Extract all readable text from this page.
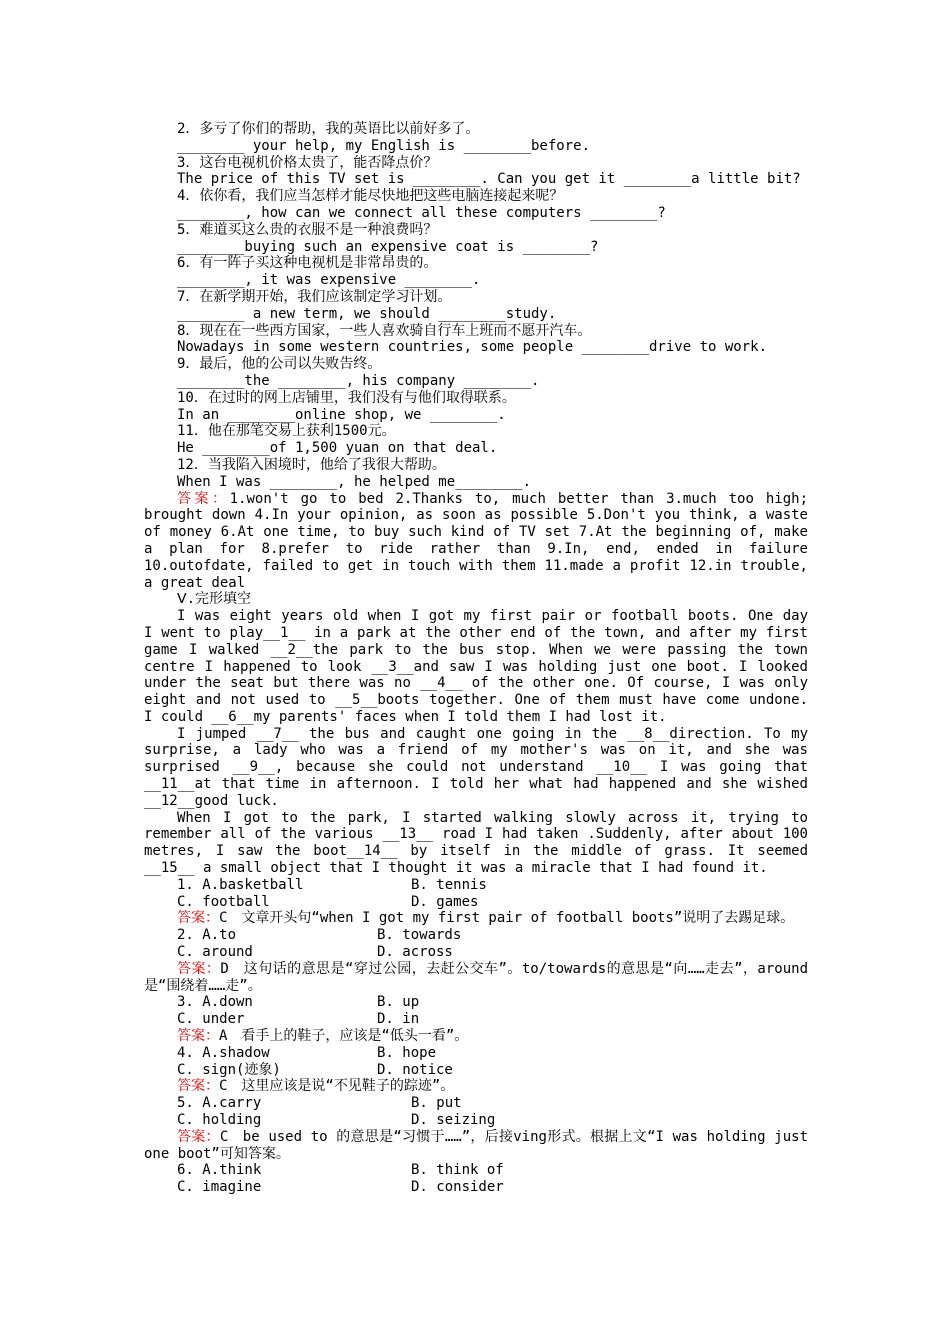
2．多亏了你们的帮助，我的英语比以前好多了。
________ your help, my English is ________before.
3．这台电视机价格太贵了，能否降点价？
The price of this TV set is ________. Can you get it ________a little bit?
4．依你看，我们应当怎样才能尽快地把这些电脑连接起来呢？
________, how can we connect all these computers ________?
5．难道买这么贵的衣服不是一种浪费吗？
________buying such an expensive coat is ________?
6．有一阵子买这种电视机是非常昂贵的。
________, it was expensive ________.
7．在新学期开始，我们应该制定学习计划。
________ a new term, we should ________study.
8．现在在一些西方国家，一些人喜欢骑自行车上班而不愿开汽车。
Nowadays in some western countries, some people ________drive to work.
9．最后，他的公司以失败告终。
________the ________, his company ________.
10．在过时的网上店铺里，我们没有与他们取得联系。
In an ________online shop, we ________.
11．他在那笔交易上获利1500元。
He ________of 1,500 yuan on that deal.
12．当我陷入困境时，他给了我很大帮助。
When I was ________, he helped me________.
答案：1.won't go to bed 2.Thanks to, much better than 3.much too high; brought down 4.In your opinion, as soon as possible 5.Don't you think, a waste of money 6.At one time, to buy such kind of TV set 7.At the beginning of, make a plan for 8.prefer to ride rather than 9.In, end, ended in failure 10.outofdate, failed to get in touch with them 11.made a profit 12.in trouble, a great deal
Ⅴ.完形填空
I was eight years old when I got my first pair or football boots. One day I went to play__1__ in a park at the other end of the town, and after my first game I walked __2__the park to the bus stop. When we were passing the town centre I happened to look __3__and saw I was holding just one boot. I looked under the seat but there was no __4__ of the other one. Of course, I was only eight and not used to __5__boots together. One of them must have come undone. I could __6__my parents' faces when I told them I had lost it.
I jumped __7__ the bus and caught one going in the __8__direction. To my surprise, a lady who was a friend of my mother's was on it, and she was surprised __9__, because she could not understand __10__ I was going that __11__at that time in afternoon. I told her what had happened and she wished __12__good luck.
When I got to the park, I started walking slowly across it, trying to remember all of the various __13__ road I had taken .Suddenly, after about 100 metres, I saw the boot__14__ by itself in the middle of grass. It seemed __15__ a small object that I thought it was a miracle that I had found it.
1. A.basketball	B. tennis
C. football	D. games
答案：C　文章开头句“when I got my first pair of football boots”说明了去踢足球。
2. A.to	B. towards
C. around	D. across
答案：D　这句话的意思是“穿过公园，去赶公交车”。to/towards的意思是“向……走去”，around是“围绕着……走”。
3. A.down	B. up
C. under	D. in
答案：A　看手上的鞋子，应该是“低头一看”。
4. A.shadow	B. hope
C. sign(迹象)	D. notice
答案：C　这里应该是说“不见鞋子的踪迹”。
5. A.carry	B. put
C. holding	D. seizing
答案：C　be used to 的意思是“习惯于……”，后接ving形式。根据上文“I was holding just one boot”可知答案。
6. A.think	B. think of
C. imagine	D. consider
